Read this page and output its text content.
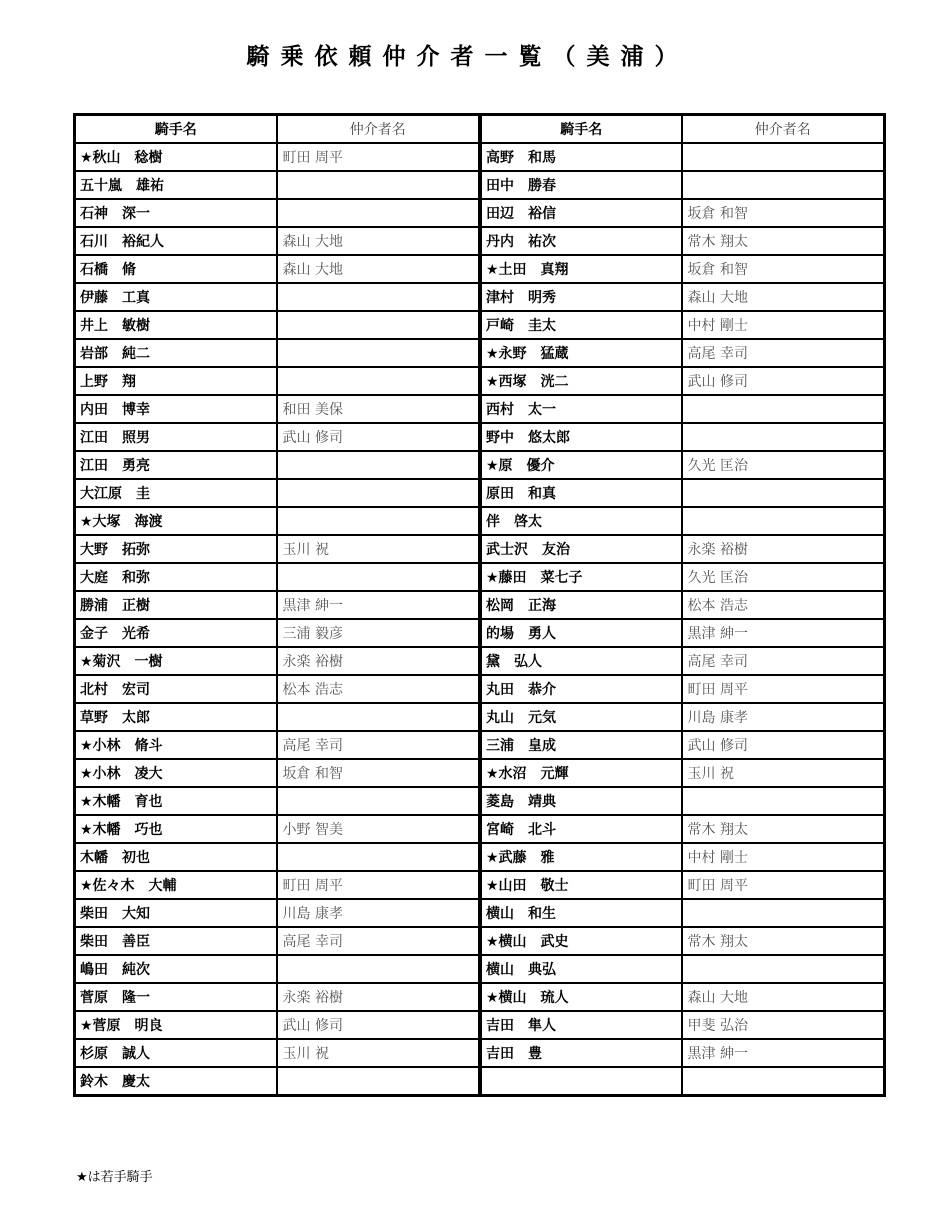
騎乗依頼仲介者一覧（美浦）
騎手名	仲介者名
★秋山　稔樹	町田 周平
五十嵐　雄祐	
石神　深一	
石川　裕紀人	森山 大地
石橋　脩	森山 大地
伊藤　工真	
井上　敏樹	
岩部　純二	
上野　翔	
内田　博幸	和田 美保
江田　照男	武山 修司
江田　勇亮	
大江原　圭	
★大塚　海渡	
大野　拓弥	玉川 祝
大庭　和弥	
勝浦　正樹	黒津 紳一
金子　光希	三浦 毅彦
★菊沢　一樹	永楽 裕樹
北村　宏司	松本 浩志
草野　太郎	
★小林　脩斗	高尾 幸司
★小林　凌大	坂倉 和智
★木幡　育也	
★木幡　巧也	小野 智美
木幡　初也	
★佐々木　大輔	町田 周平
柴田　大知	川島 康孝
柴田　善臣	高尾 幸司
嶋田　純次	
菅原　隆一	永楽 裕樹
★菅原　明良	武山 修司
杉原　誠人	玉川 祝
鈴木　慶太	
騎手名	仲介者名
高野　和馬	
田中　勝春	
田辺　裕信	坂倉 和智
丹内　祐次	常木 翔太
★土田　真翔	坂倉 和智
津村　明秀	森山 大地
戸崎　圭太	中村 剛士
★永野　猛蔵	高尾 幸司
★西塚　洸二	武山 修司
西村　太一	
野中　悠太郎	
★原　優介	久光 匡治
原田　和真	
伴　啓太	
武士沢　友治	永楽 裕樹
★藤田　菜七子	久光 匡治
松岡　正海	松本 浩志
的場　勇人	黒津 紳一
黛　弘人	高尾 幸司
丸田　恭介	町田 周平
丸山　元気	川島 康孝
三浦　皇成	武山 修司
★水沼　元輝	玉川 祝
菱島　靖典	
宮崎　北斗	常木 翔太
★武藤　雅	中村 剛士
★山田　敬士	町田 周平
横山　和生	
★横山　武史	常木 翔太
横山　典弘	
★横山　琉人	森山 大地
吉田　隼人	甲斐 弘治
吉田　豊	黒津 紳一

★は若手騎手
